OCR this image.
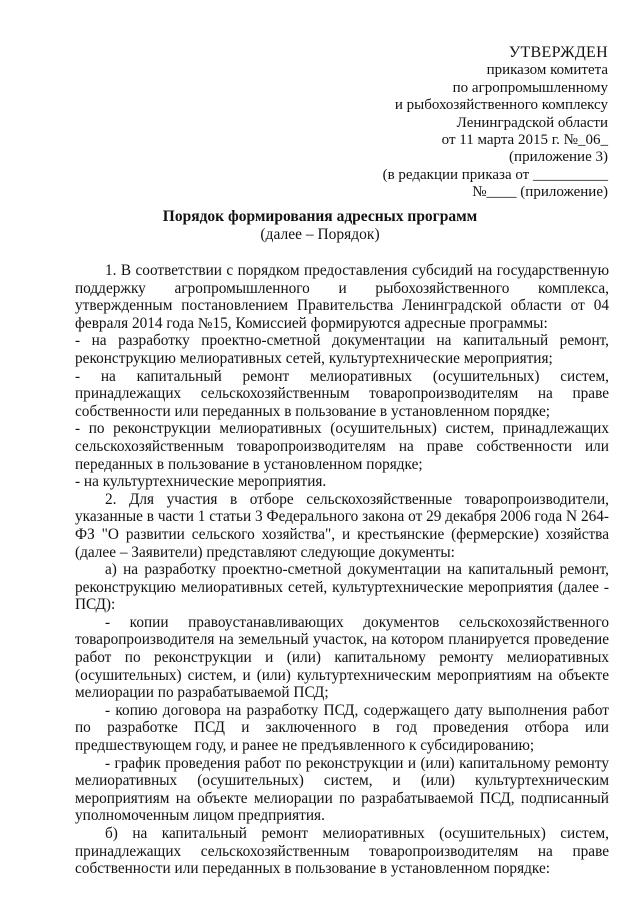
УТВЕРЖДЕН
приказом комитета
по агропромышленному
и рыбохозяйственного комплексу
Ленинградской области
от 11 марта 2015 г. №_06_
(приложение 3)
(в редакции приказа от __________
№____ (приложение)
Порядок формирования адресных программ
(далее – Порядок)

1. В соответствии с порядком предоставления субсидий на государственную поддержку агропромышленного и рыбохозяйственного комплекса, утвержденным постановлением Правительства Ленинградской области от 04 февраля 2014 года №15, Комиссией формируются адресные программы:

- на разработку проектно-сметной документации на капитальный ремонт, реконструкцию мелиоративных сетей, культуртехнические мероприятия;

- на капитальный ремонт мелиоративных (осушительных) систем, принадлежащих сельскохозяйственным товаропроизводителям на праве собственности или переданных в пользование в установленном порядке;

- по реконструкции мелиоративных (осушительных) систем, принадлежащих сельскохозяйственным товаропроизводителям на праве собственности или переданных в пользование в установленном порядке;

- на культуртехнические мероприятия.

2. Для участия в отборе сельскохозяйственные товаропроизводители, указанные в части 1 статьи 3 Федерального закона от 29 декабря 2006 года N 264-ФЗ "О развитии сельского хозяйства", и крестьянские (фермерские) хозяйства (далее – Заявители) представляют следующие документы:

а) на разработку проектно-сметной документации на капитальный ремонт, реконструкцию мелиоративных сетей, культуртехнические мероприятия (далее - ПСД):

- копии правоустанавливающих документов сельскохозяйственного товаропроизводителя на земельный участок, на котором планируется проведение работ по реконструкции и (или) капитальному ремонту мелиоративных (осушительных) систем, и (или) культуртехническим мероприятиям на объекте мелиорации по разрабатываемой ПСД;

- копию договора на разработку ПСД, содержащего дату выполнения работ по разработке ПСД и заключенного в год проведения отбора или предшествующем году, и ранее не предъявленного к субсидированию;

- график проведения работ по реконструкции и (или) капитальному ремонту мелиоративных (осушительных) систем, и (или) культуртехническим мероприятиям на объекте мелиорации по разрабатываемой ПСД, подписанный уполномоченным лицом предприятия.

б) на капитальный ремонт мелиоративных (осушительных) систем, принадлежащих сельскохозяйственным товаропроизводителям на праве собственности или переданных в пользование в установленном порядке:
